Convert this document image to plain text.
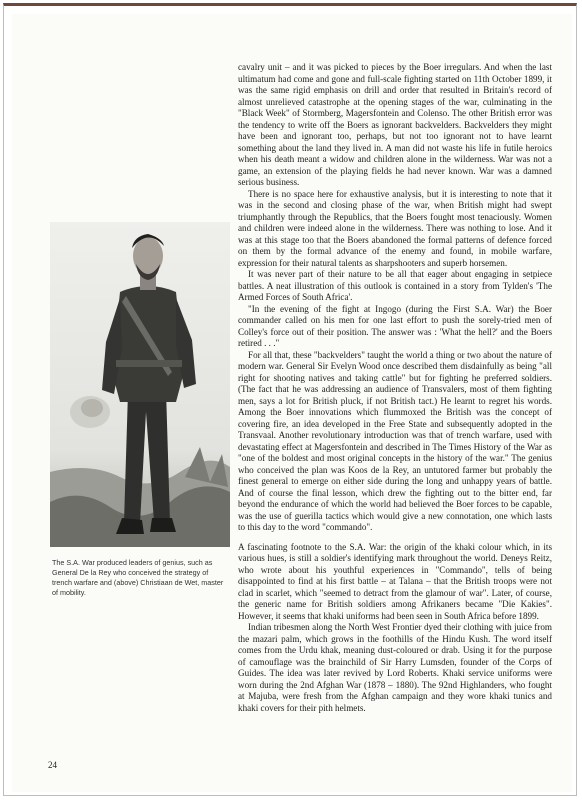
The S.A. War produced leaders of genius, such as General De la Rey who conceived the strategy of trench warfare and (above) Christiaan de Wet, master of mobility.

cavalry unit – and it was picked to pieces by the Boer irregulars. And when the last ultimatum had come and gone and full-scale fighting started on 11th October 1899, it was the same rigid emphasis on drill and order that resulted in Britain's record of almost unrelieved catastrophe at the opening stages of the war, culminating in the "Black Week" of Stormberg, Magersfontein and Colenso. The other British error was the tendency to write off the Boers as ignorant backvelders. Backvelders they might have been and ignorant too, perhaps, but not too ignorant not to have learnt something about the land they lived in. A man did not waste his life in futile heroics when his death meant a widow and children alone in the wilderness. War was not a game, an extension of the playing fields he had never known. War was a damned serious business.

There is no space here for exhaustive analysis, but it is interesting to note that it was in the second and closing phase of the war, when British might had swept triumphantly through the Republics, that the Boers fought most tenaciously. Women and children were indeed alone in the wilderness. There was nothing to lose. And it was at this stage too that the Boers abandoned the formal patterns of defence forced on them by the formal advance of the enemy and found, in mobile warfare, expression for their natural talents as sharpshooters and superb horsemen.

It was never part of their nature to be all that eager about engaging in setpiece battles. A neat illustration of this outlook is contained in a story from Tylden's 'The Armed Forces of South Africa'.

"In the evening of the fight at Ingogo (during the First S.A. War) the Boer commander called on his men for one last effort to push the sorely-tried men of Colley's force out of their position. The answer was : 'What the hell?' and the Boers retired . . ."

For all that, these "backvelders" taught the world a thing or two about the nature of modern war. General Sir Evelyn Wood once described them disdainfully as being "all right for shooting natives and taking cattle" but for fighting he preferred soldiers. (The fact that he was addressing an audience of Transvalers, most of them fighting men, says a lot for British pluck, if not British tact.) He learnt to regret his words. Among the Boer innovations which flummoxed the British was the concept of covering fire, an idea developed in the Free State and subsequently adopted in the Transvaal. Another revolutionary introduction was that of trench warfare, used with devastating effect at Magersfontein and described in The Times History of the War as "one of the boldest and most original concepts in the history of the war." The genius who conceived the plan was Koos de la Rey, an untutored farmer but probably the finest general to emerge on either side during the long and unhappy years of battle. And of course the final lesson, which drew the fighting out to the bitter end, far beyond the endurance of which the world had believed the Boer forces to be capable, was the use of guerilla tactics which would give a new connotation, one which lasts to this day to the word "commando".

A fascinating footnote to the S.A. War: the origin of the khaki colour which, in its various hues, is still a soldier's identifying mark throughout the world. Deneys Reitz, who wrote about his youthful experiences in "Commando", tells of being disappointed to find at his first battle – at Talana – that the British troops were not clad in scarlet, which "seemed to detract from the glamour of war". Later, of course, the generic name for British soldiers among Afrikaners became "Die Kakies". However, it seems that khaki uniforms had been seen in South Africa before 1899.

Indian tribesmen along the North West Frontier dyed their clothing with juice from the mazari palm, which grows in the foothills of the Hindu Kush. The word itself comes from the Urdu khak, meaning dust-coloured or drab. Using it for the purpose of camouflage was the brainchild of Sir Harry Lumsden, founder of the Corps of Guides. The idea was later revived by Lord Roberts. Khaki service uniforms were worn during the 2nd Afghan War (1878 – 1880). The 92nd Highlanders, who fought at Majuba, were fresh from the Afghan campaign and they wore khaki tunics and khaki covers for their pith helmets.

24
